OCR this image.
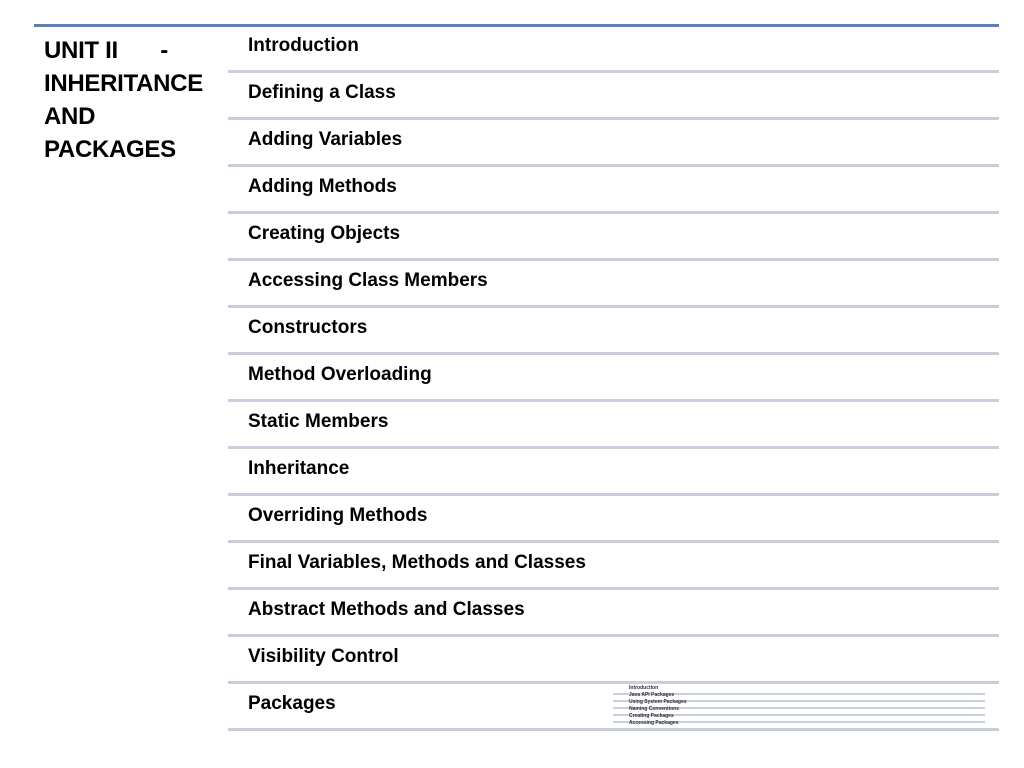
UNIT II -
INHERITANCE
AND
PACKAGES
Introduction
Defining a Class
Adding Variables
Adding Methods
Creating Objects
Accessing Class Members
Constructors
Method Overloading
Static Members
Inheritance
Overriding Methods
Final Variables, Methods and Classes
Abstract Methods and Classes
Visibility Control
Packages
Introduction
Java API Packages
Using System Packages
Naming Conventions
Creating Packages
Accessing Packages
